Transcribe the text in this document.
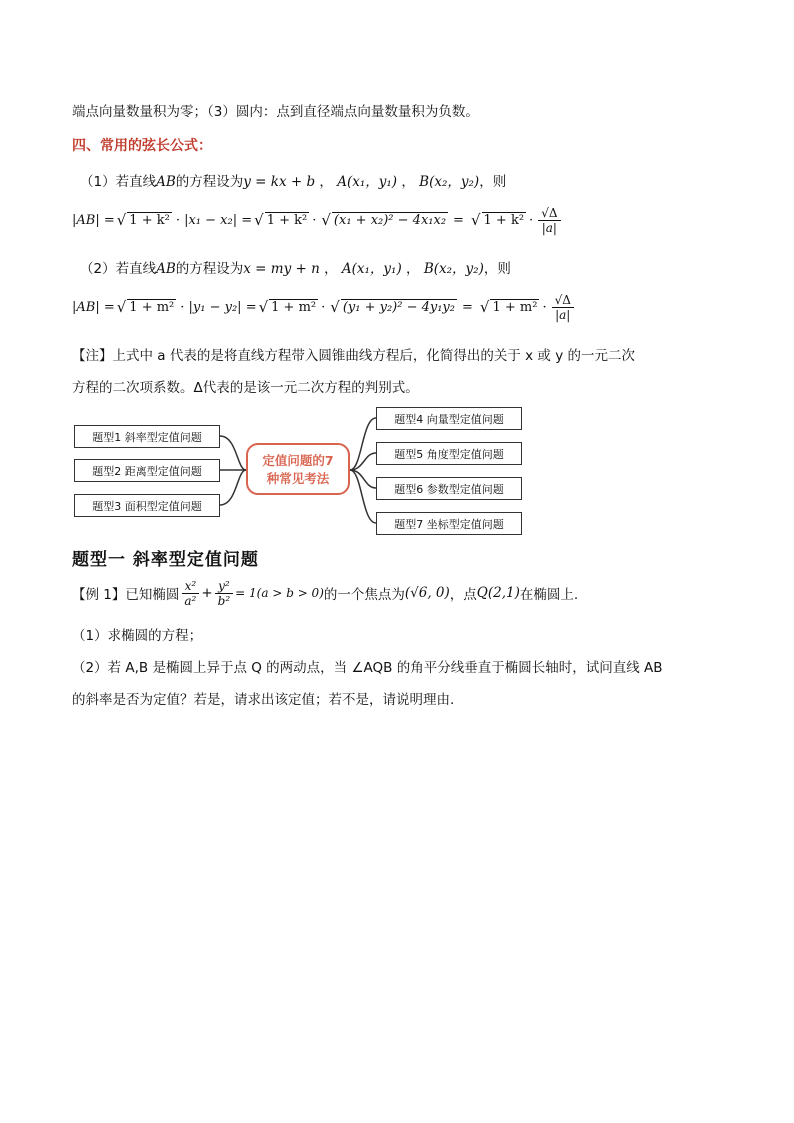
端点向量数量积为零；（3）圆内：点到直径端点向量数量积为负数。
四、常用的弦长公式：
（1）若直线AB的方程设为y = kx + b ， A(x₁，y₁) ， B(x₂，y₂)，则
|AB| = √ 1 + k² · |x₁ − x₂| = √ 1 + k² · √ (x₁ + x₂)² − 4x₁x₂ = √ $1 + k^2 \cdot \frac{√\Delta}{|a|}$
（2）若直线AB的方程设为x = my + n ， A(x₁，y₁) ， B(x₂，y₂)，则
|AB| = √ 1 + m² · |y₁ − y₂| = √ 1 + m² · √ (y₁ + y₂)² − 4y₁y₂ = √ $1 + m^2 \cdot \frac{√\Delta}{|a|}$
【注】上式中 a 代表的是将直线方程带入圆锥曲线方程后，化简得出的关于 x 或 y 的一元二次
方程的二次项系数。Δ代表的是该一元二次方程的判别式。
题型1 斜率型定值问题
题型2 距离型定值问题
题型3 面积型定值问题
定值问题的7
种常见考法
题型4 向量型定值问题
题型5 角度型定值问题
题型6 参数型定值问题
题型7 坐标型定值问题
题型一 斜率型定值问题
【例 1】已知椭圆 $\frac{\text{x²}}{\text{a²}} + \frac{\text{y²}}{\text{b²}} = 1(a > b > 0)$ 的一个焦点为 (√6, 0) ，点 Q(2,1) 在椭圆上.
（1）求椭圆的方程；
（2）若 A,B 是椭圆上异于点 Q 的两动点，当 ∠AQB 的角平分线垂直于椭圆长轴时，试问直线 AB
的斜率是否为定值？若是，请求出该定值；若不是，请说明理由.
